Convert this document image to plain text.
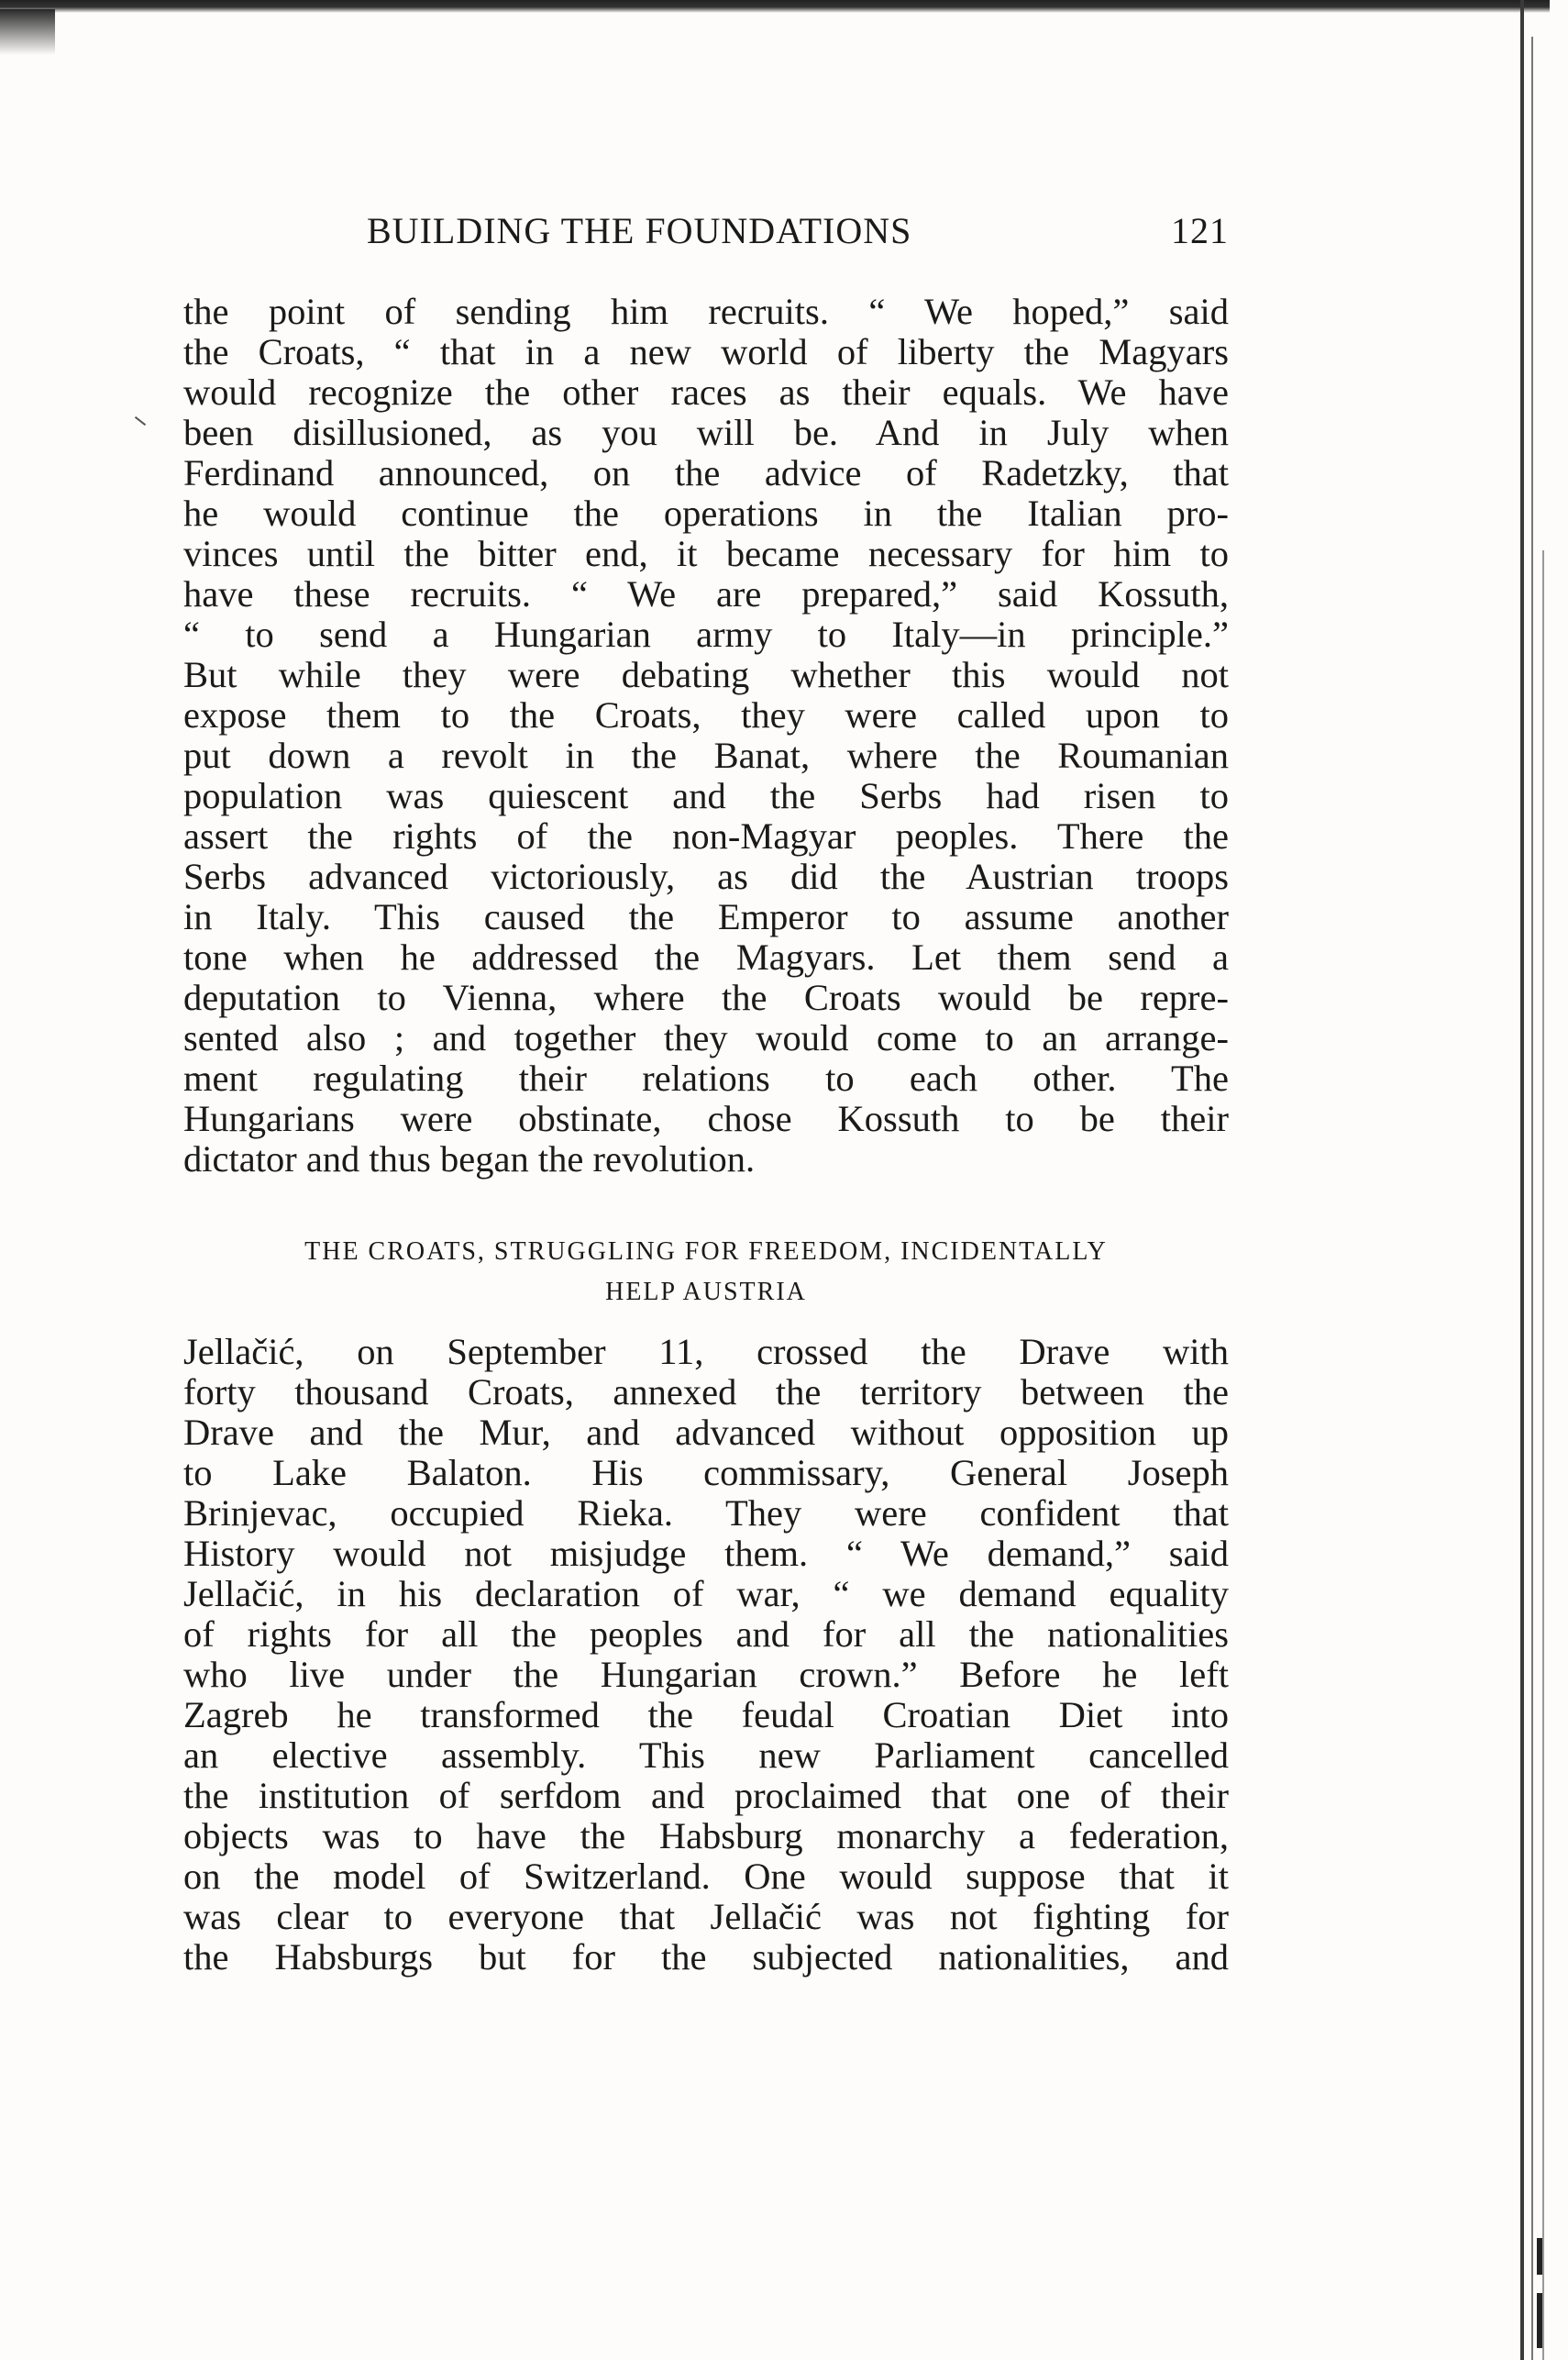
BUILDING THE FOUNDATIONS	121
the point of sending him recruits. “ We hoped,” said
the Croats, “ that in a new world of liberty the Magyars
would recognize the other races as their equals. We have
been disillusioned, as you will be. And in July when
Ferdinand announced, on the advice of Radetzky, that
he would continue the operations in the Italian pro-
vinces until the bitter end, it became necessary for him to
have these recruits. “ We are prepared,” said Kossuth,
“ to send a Hungarian army to Italy—in principle.”
But while they were debating whether this would not
expose them to the Croats, they were called upon to
put down a revolt in the Banat, where the Roumanian
population was quiescent and the Serbs had risen to
assert the rights of the non-Magyar peoples. There the
Serbs advanced victoriously, as did the Austrian troops
in Italy. This caused the Emperor to assume another
tone when he addressed the Magyars. Let them send a
deputation to Vienna, where the Croats would be repre-
sented also ; and together they would come to an arrange-
ment regulating their relations to each other. The
Hungarians were obstinate, chose Kossuth to be their
dictator and thus began the revolution.
THE CROATS, STRUGGLING FOR FREEDOM, INCIDENTALLY
HELP AUSTRIA
Jellačić, on September 11, crossed the Drave with
forty thousand Croats, annexed the territory between the
Drave and the Mur, and advanced without opposition up
to Lake Balaton. His commissary, General Joseph
Brinjevac, occupied Rieka. They were confident that
History would not misjudge them. “ We demand,” said
Jellačić, in his declaration of war, “ we demand equality
of rights for all the peoples and for all the nationalities
who live under the Hungarian crown.” Before he left
Zagreb he transformed the feudal Croatian Diet into
an elective assembly. This new Parliament cancelled
the institution of serfdom and proclaimed that one of their
objects was to have the Habsburg monarchy a federation,
on the model of Switzerland. One would suppose that it
was clear to everyone that Jellačić was not fighting for
the Habsburgs but for the subjected nationalities, and
